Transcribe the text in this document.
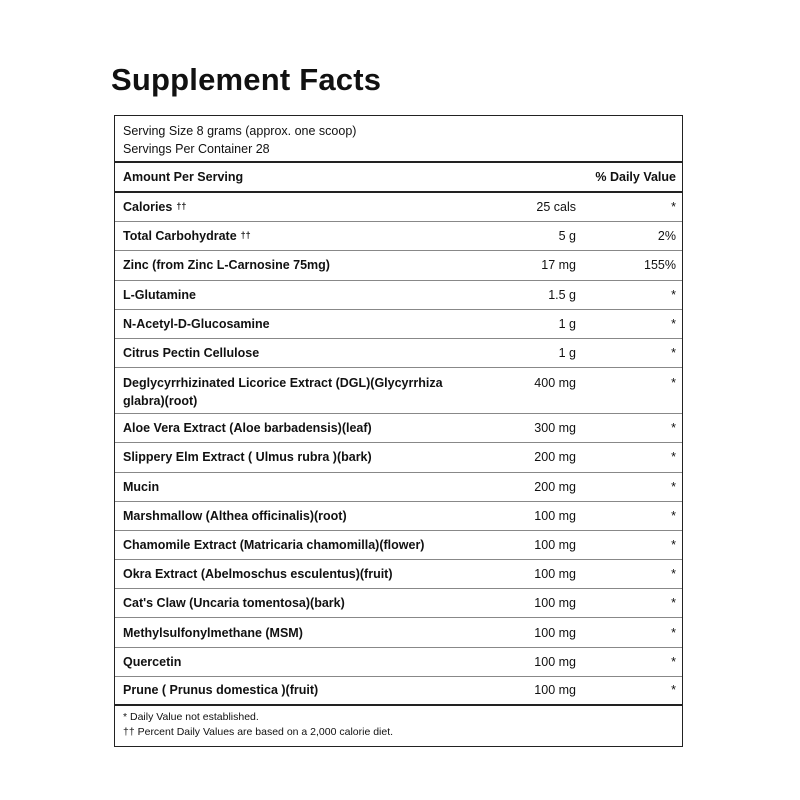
Supplement Facts
Serving Size 8 grams (approx. one scoop)
Servings Per Container 28
Amount Per Serving	% Daily Value
Calories ††	25 cals	*
Total Carbohydrate ††	5 g	2%
Zinc (from Zinc L-Carnosine 75mg)	17 mg	155%
L-Glutamine	1.5 g	*
N-Acetyl-D-Glucosamine	1 g	*
Citrus Pectin Cellulose	1 g	*
Deglycyrrhizinated Licorice Extract (DGL)(Glycyrrhiza glabra)(root)
400 mg	*
Aloe Vera Extract (Aloe barbadensis)(leaf)	300 mg	*
Slippery Elm Extract ( Ulmus rubra )(bark)	200 mg	*
Mucin	200 mg	*
Marshmallow (Althea officinalis)(root)	100 mg	*
Chamomile Extract (Matricaria chamomilla)(flower)	100 mg	*
Okra Extract (Abelmoschus esculentus)(fruit)	100 mg	*
Cat's Claw (Uncaria tomentosa)(bark)	100 mg	*
Methylsulfonylmethane (MSM)	100 mg	*
Quercetin	100 mg	*
Prune ( Prunus domestica )(fruit)	100 mg	*
* Daily Value not established.
†† Percent Daily Values are based on a 2,000 calorie diet.
